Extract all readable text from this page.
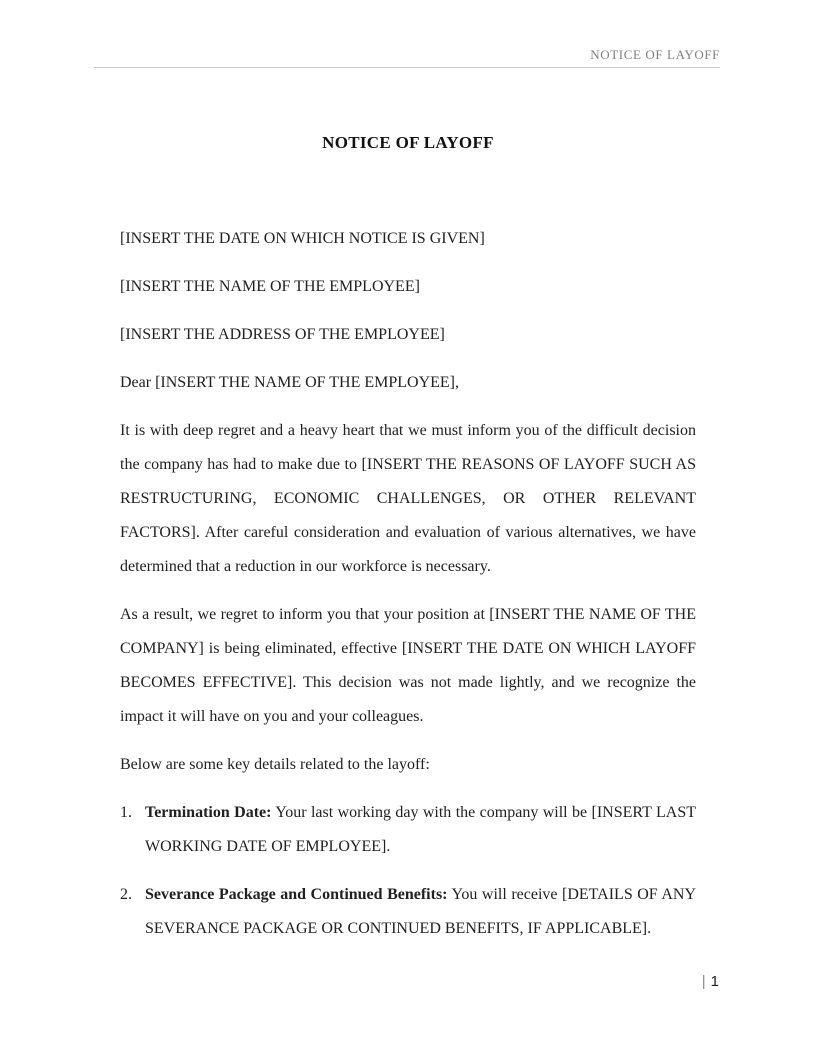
NOTICE OF LAYOFF
NOTICE OF LAYOFF

[INSERT THE DATE ON WHICH NOTICE IS GIVEN]

[INSERT THE NAME OF THE EMPLOYEE]

[INSERT THE ADDRESS OF THE EMPLOYEE]

Dear [INSERT THE NAME OF THE EMPLOYEE],

It is with deep regret and a heavy heart that we must inform you of the difficult decision the company has had to make due to [INSERT THE REASONS OF LAYOFF SUCH AS RESTRUCTURING, ECONOMIC CHALLENGES, OR OTHER RELEVANT FACTORS]. After careful consideration and evaluation of various alternatives, we have determined that a reduction in our workforce is necessary.

As a result, we regret to inform you that your position at [INSERT THE NAME OF THE COMPANY] is being eliminated, effective [INSERT THE DATE ON WHICH LAYOFF BECOMES EFFECTIVE]. This decision was not made lightly, and we recognize the impact it will have on you and your colleagues.

Below are some key details related to the layoff:

1. Termination Date: Your last working day with the company will be [INSERT LAST WORKING DATE OF EMPLOYEE].
2. Severance Package and Continued Benefits: You will receive [DETAILS OF ANY SEVERANCE PACKAGE OR CONTINUED BENEFITS, IF APPLICABLE].
| 1
